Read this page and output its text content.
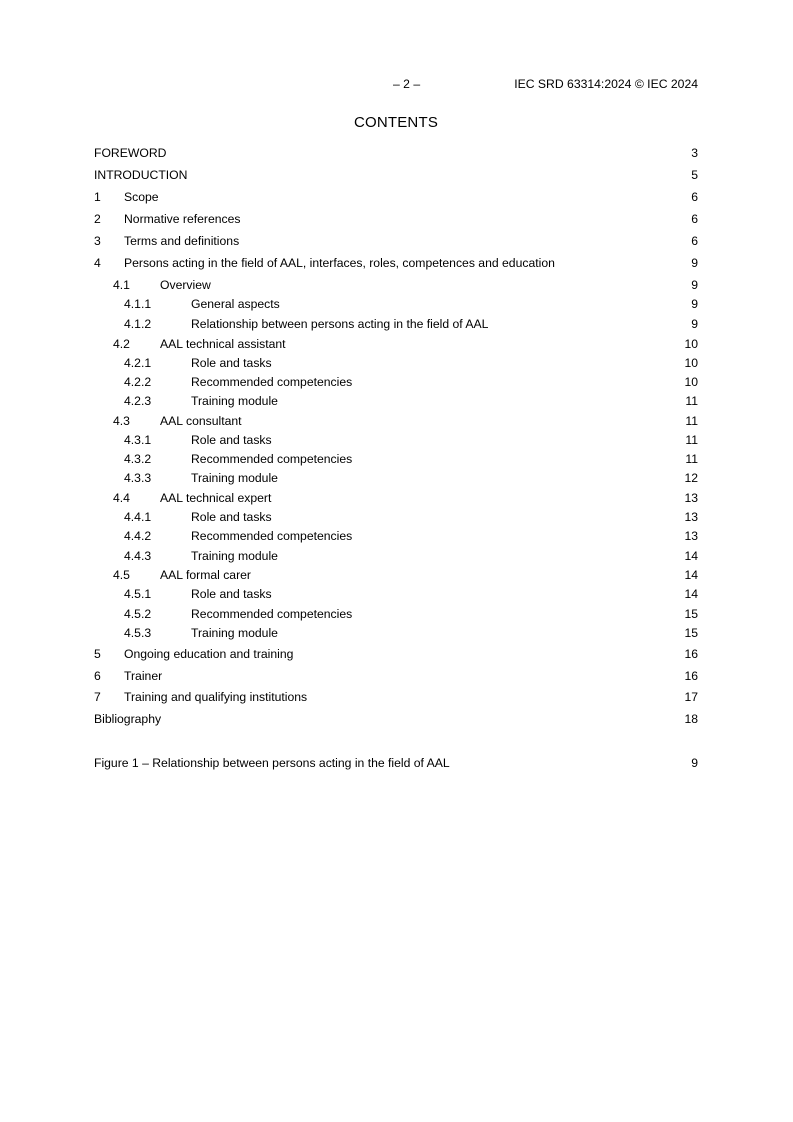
– 2 –	IEC SRD 63314:2024 © IEC 2024
CONTENTS
FOREWORD	3
INTRODUCTION	5
1 Scope	6
2 Normative references	6
3 Terms and definitions	6
4 Persons acting in the field of AAL, interfaces, roles, competences and education	9
4.1 Overview	9
4.1.1	General aspects	9
4.1.2	Relationship between persons acting in the field of AAL	9
4.2 AAL technical assistant	10
4.2.1	Role and tasks	10
4.2.2	Recommended competencies	10
4.2.3	Training module	11
4.3 AAL consultant	11
4.3.1	Role and tasks	11
4.3.2	Recommended competencies	11
4.3.3	Training module	12
4.4 AAL technical expert	13
4.4.1	Role and tasks	13
4.4.2	Recommended competencies	13
4.4.3	Training module	14
4.5 AAL formal carer	14
4.5.1	Role and tasks	14
4.5.2	Recommended competencies	15
4.5.3	Training module	15
5 Ongoing education and training	16
6 Trainer	16
7 Training and qualifying institutions	17
Bibliography	18
Figure 1 – Relationship between persons acting in the field of AAL	9
